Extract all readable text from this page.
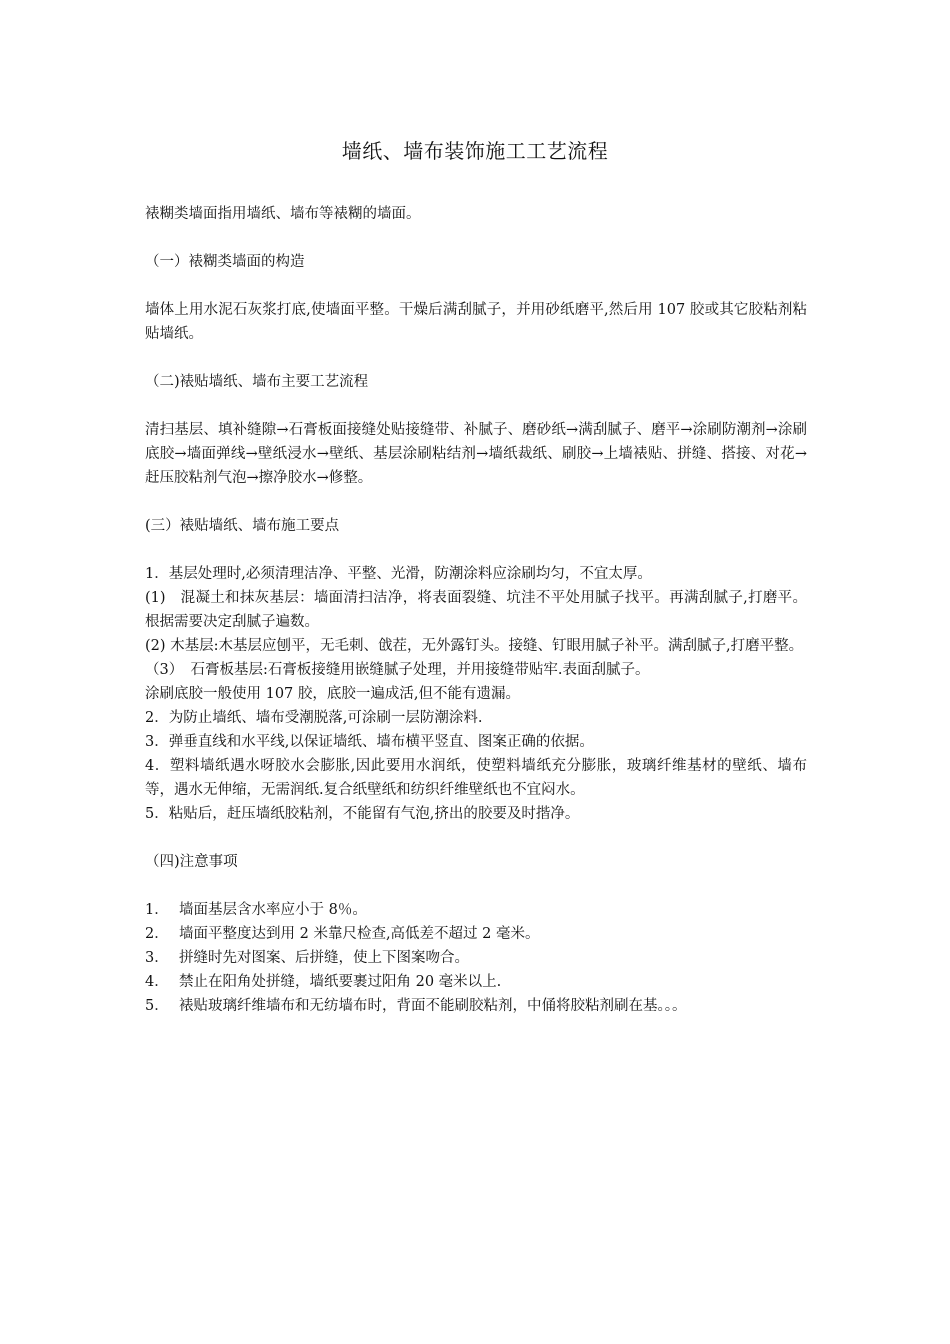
墙纸、墙布装饰施工工艺流程

裱糊类墙面指用墙纸、墙布等裱糊的墙面。

（一）裱糊类墙面的构造

墙体上用水泥石灰浆打底,使墙面平整。干燥后满刮腻子，并用砂纸磨平,然后用 107 胶或其它胶粘剂粘贴墙纸。

（二)裱贴墙纸、墙布主要工艺流程

清扫基层、填补缝隙→石膏板面接缝处贴接缝带、补腻子、磨砂纸→满刮腻子、磨平→涂刷防潮剂→涂刷底胶→墙面弹线→壁纸浸水→壁纸、基层涂刷粘结剂→墙纸裁纸、刷胶→上墙裱贴、拼缝、搭接、对花→赶压胶粘剂气泡→擦净胶水→修整。

(三）裱贴墙纸、墙布施工要点

1．基层处理时,必须清理洁净、平整、光滑，防潮涂料应涂刷均匀，不宜太厚。

(1)　混凝土和抹灰基层：墙面清扫洁净，将表面裂缝、坑洼不平处用腻子找平。再满刮腻子,打磨平。根据需要决定刮腻子遍数。

(2) 木基层:木基层应刨平，无毛刺、戗茬，无外露钉头。接缝、钉眼用腻子补平。满刮腻子,打磨平整。

（3）　石膏板基层:石膏板接缝用嵌缝腻子处理，并用接缝带贴牢.表面刮腻子。

涂刷底胶一般使用 107 胶，底胶一遍成活,但不能有遗漏。

2．为防止墙纸、墙布受潮脱落,可涂刷一层防潮涂料.

3．弹垂直线和水平线,以保证墙纸、墙布横平竖直、图案正确的依据。

4．塑料墙纸遇水呀胶水会膨胀,因此要用水润纸，使塑料墙纸充分膨胀，玻璃纤维基材的壁纸、墙布等，遇水无伸缩，无需润纸.复合纸壁纸和纺织纤维壁纸也不宜闷水。

5．粘贴后，赶压墙纸胶粘剂，不能留有气泡,挤出的胶要及时揩净。

（四)注意事项

1． 墙面基层含水率应小于 8％。

2． 墙面平整度达到用 2 米靠尺检查,高低差不超过 2 毫米。

3． 拼缝时先对图案、后拼缝，使上下图案吻合。

4． 禁止在阳角处拼缝，墙纸要裹过阳角 20 毫米以上.

5． 裱贴玻璃纤维墙布和无纺墙布时，背面不能刷胶粘剂，中俑将胶粘剂刷在基。。。
